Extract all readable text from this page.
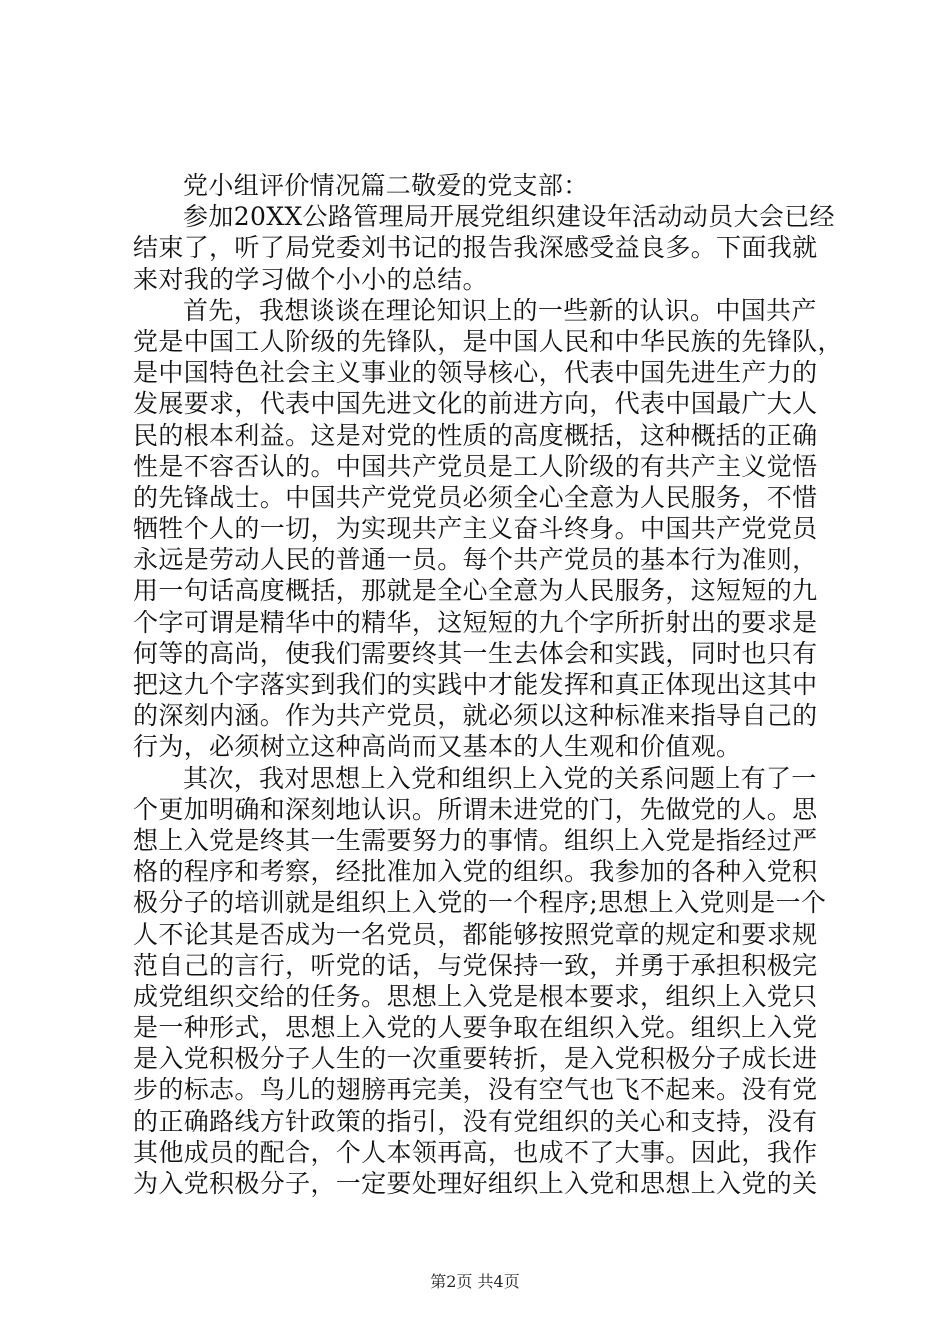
党小组评价情况篇二敬爱的党支部：
参加20XX公路管理局开展党组织建设年活动动员大会已经
结束了，听了局党委刘书记的报告我深感受益良多。下面我就
来对我的学习做个小小的总结。
首先，我想谈谈在理论知识上的一些新的认识。中国共产
党是中国工人阶级的先锋队，是中国人民和中华民族的先锋队，
是中国特色社会主义事业的领导核心，代表中国先进生产力的
发展要求，代表中国先进文化的前进方向，代表中国最广大人
民的根本利益。这是对党的性质的高度概括，这种概括的正确
性是不容否认的。中国共产党员是工人阶级的有共产主义觉悟
的先锋战士。中国共产党党员必须全心全意为人民服务，不惜
牺牲个人的一切，为实现共产主义奋斗终身。中国共产党党员
永远是劳动人民的普通一员。每个共产党员的基本行为准则，
用一句话高度概括，那就是全心全意为人民服务，这短短的九
个字可谓是精华中的精华，这短短的九个字所折射出的要求是
何等的高尚，使我们需要终其一生去体会和实践，同时也只有
把这九个字落实到我们的实践中才能发挥和真正体现出这其中
的深刻内涵。作为共产党员，就必须以这种标准来指导自己的
行为，必须树立这种高尚而又基本的人生观和价值观。
其次，我对思想上入党和组织上入党的关系问题上有了一
个更加明确和深刻地认识。所谓未进党的门，先做党的人。思
想上入党是终其一生需要努力的事情。组织上入党是指经过严
格的程序和考察，经批准加入党的组织。我参加的各种入党积
极分子的培训就是组织上入党的一个程序;思想上入党则是一个
人不论其是否成为一名党员，都能够按照党章的规定和要求规
范自己的言行，听党的话，与党保持一致，并勇于承担积极完
成党组织交给的任务。思想上入党是根本要求，组织上入党只
是一种形式，思想上入党的人要争取在组织入党。组织上入党
是入党积极分子人生的一次重要转折，是入党积极分子成长进
步的标志。鸟儿的翅膀再完美，没有空气也飞不起来。没有党
的正确路线方针政策的指引，没有党组织的关心和支持，没有
其他成员的配合，个人本领再高，也成不了大事。因此，我作
为入党积极分子，一定要处理好组织上入党和思想上入党的关
第2页 共4页
